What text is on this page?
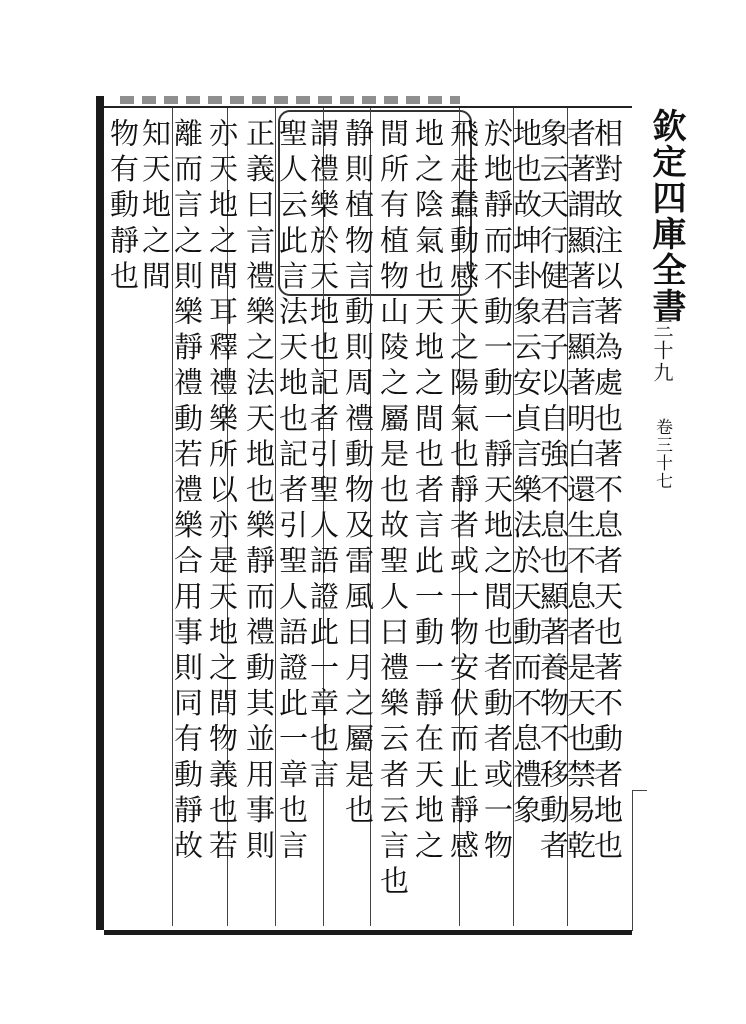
欽定四庫全書
三十九
卷三十七
相對故注以著為處也著不息者天也著不動者地也
者著謂顯著言顯著明白還生不息者是天也禁易乾
象云天行健君子以自強不息也顯著養物不移動者
地也故坤卦象云安貞言樂法於天動而不息禮象
於地靜而不動一動一靜天地之間也者動者或一物
飛走蠢動感天之陽氣也靜者或一物安伏而止靜感
地之陰氣也天地之間也者言此一動一靜在天地之
間所有植物山陵之屬是也故聖人曰禮樂云者云言也
静則植物言動則周禮動物及雷風日月之屬是也
謂禮樂於天地也記者引聖人語證此一章也言
聖人云此言法天地也記者引聖人語證此一章也言
正義曰言禮樂之法天地也樂靜而禮動其並用事則
亦天地之間耳釋禮樂所以亦是天地之間物義也若
離而言之則樂靜禮動若禮樂合用事則同有動靜故
知天地之間
物有動靜也
